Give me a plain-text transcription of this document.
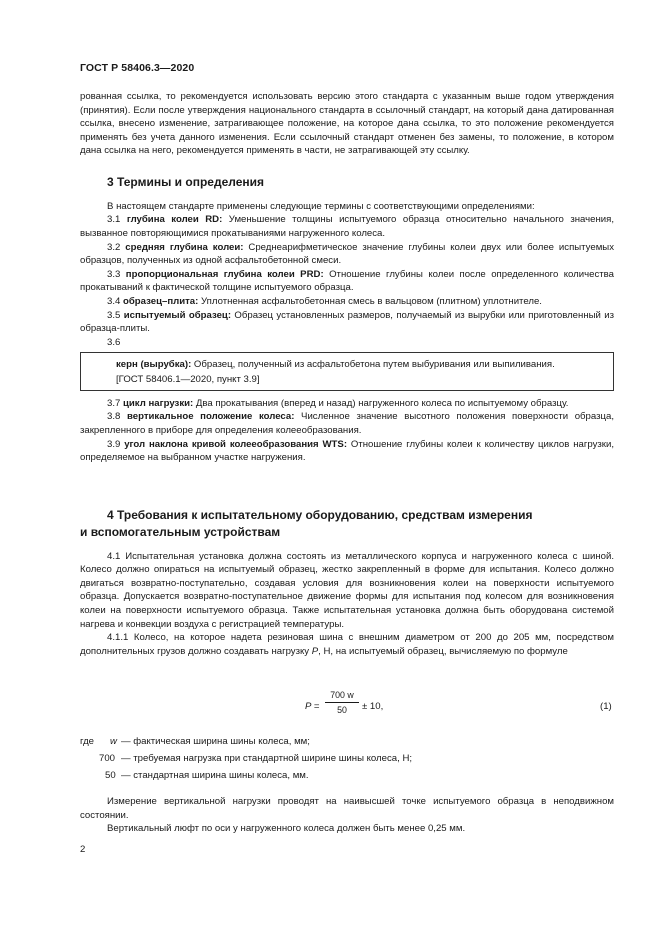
ГОСТ Р 58406.3—2020

рованная ссылка, то рекомендуется использовать версию этого стандарта с указанным выше годом утверждения (принятия). Если после утверждения национального стандарта в ссылочный стандарт, на который дана датированная ссылка, внесено изменение, затрагивающее положение, на которое дана ссылка, то это положение рекомендуется применять без учета данного изменения. Если ссылочный стандарт отменен без замены, то положение, в котором дана ссылка на него, рекомендуется применять в части, не затрагивающей эту ссылку.

3 Термины и определения

В настоящем стандарте применены следующие термины с соответствующими определениями:

3.1 глубина колеи RD: Уменьшение толщины испытуемого образца относительно начального значения, вызванное повторяющимися прокатываниями нагруженного колеса.

3.2 средняя глубина колеи: Среднеарифметическое значение глубины колеи двух или более испытуемых образцов, полученных из одной асфальтобетонной смеси.

3.3 пропорциональная глубина колеи PRD: Отношение глубины колеи после определенного количества прокатываний к фактической толщине испытуемого образца.

3.4 образец–плита: Уплотненная асфальтобетонная смесь в вальцовом (плитном) уплотнителе.

3.5 испытуемый образец: Образец установленных размеров, получаемый из вырубки или приготовленный из образца-плиты.

3.6

керн (вырубка): Образец, полученный из асфальтобетона путем выбуривания или выпиливания.

[ГОСТ 58406.1—2020, пункт 3.9]

3.7 цикл нагрузки: Два прокатывания (вперед и назад) нагруженного колеса по испытуемому образцу.

3.8 вертикальное положение колеса: Численное значение высотного положения поверхности образца, закрепленного в приборе для определения колееобразования.

3.9 угол наклона кривой колееобразования WTS: Отношение глубины колеи к количеству циклов нагрузки, определяемое на выбранном участке нагружения.

4 Требования к испытательному оборудованию, средствам измерения
и вспомогательным устройствам

4.1 Испытательная установка должна состоять из металлического корпуса и нагруженного колеса с шиной. Колесо должно опираться на испытуемый образец, жестко закрепленный в форме для испытания. Колесо должно двигаться возвратно-поступательно, создавая условия для возникновения колеи на поверхности испытуемого образца. Допускается возвратно-поступательное движение формы для испытания под колесом для возникновения колеи на поверхности испытуемого образца. Также испытательная установка должна быть оборудована системой нагрева и конвекции воздуха с регистрацией температуры.

4.1.1 Колесо, на которое надета резиновая шина с внешним диаметром от 200 до 205 мм, посредством дополнительных грузов должно создавать нагрузку P, Н, на испытуемый образец, вычисляемую по формуле

P =
700 w
50	± 10,	(1)
где w — фактическая ширина шины колеса, мм;
700 — требуемая нагрузка при стандартной ширине шины колеса, Н;
50 — стандартная ширина шины колеса, мм.

Измерение вертикальной нагрузки проводят на наивысшей точке испытуемого образца в неподвижном состоянии.

Вертикальный люфт по оси у нагруженного колеса должен быть менее 0,25 мм.

2
